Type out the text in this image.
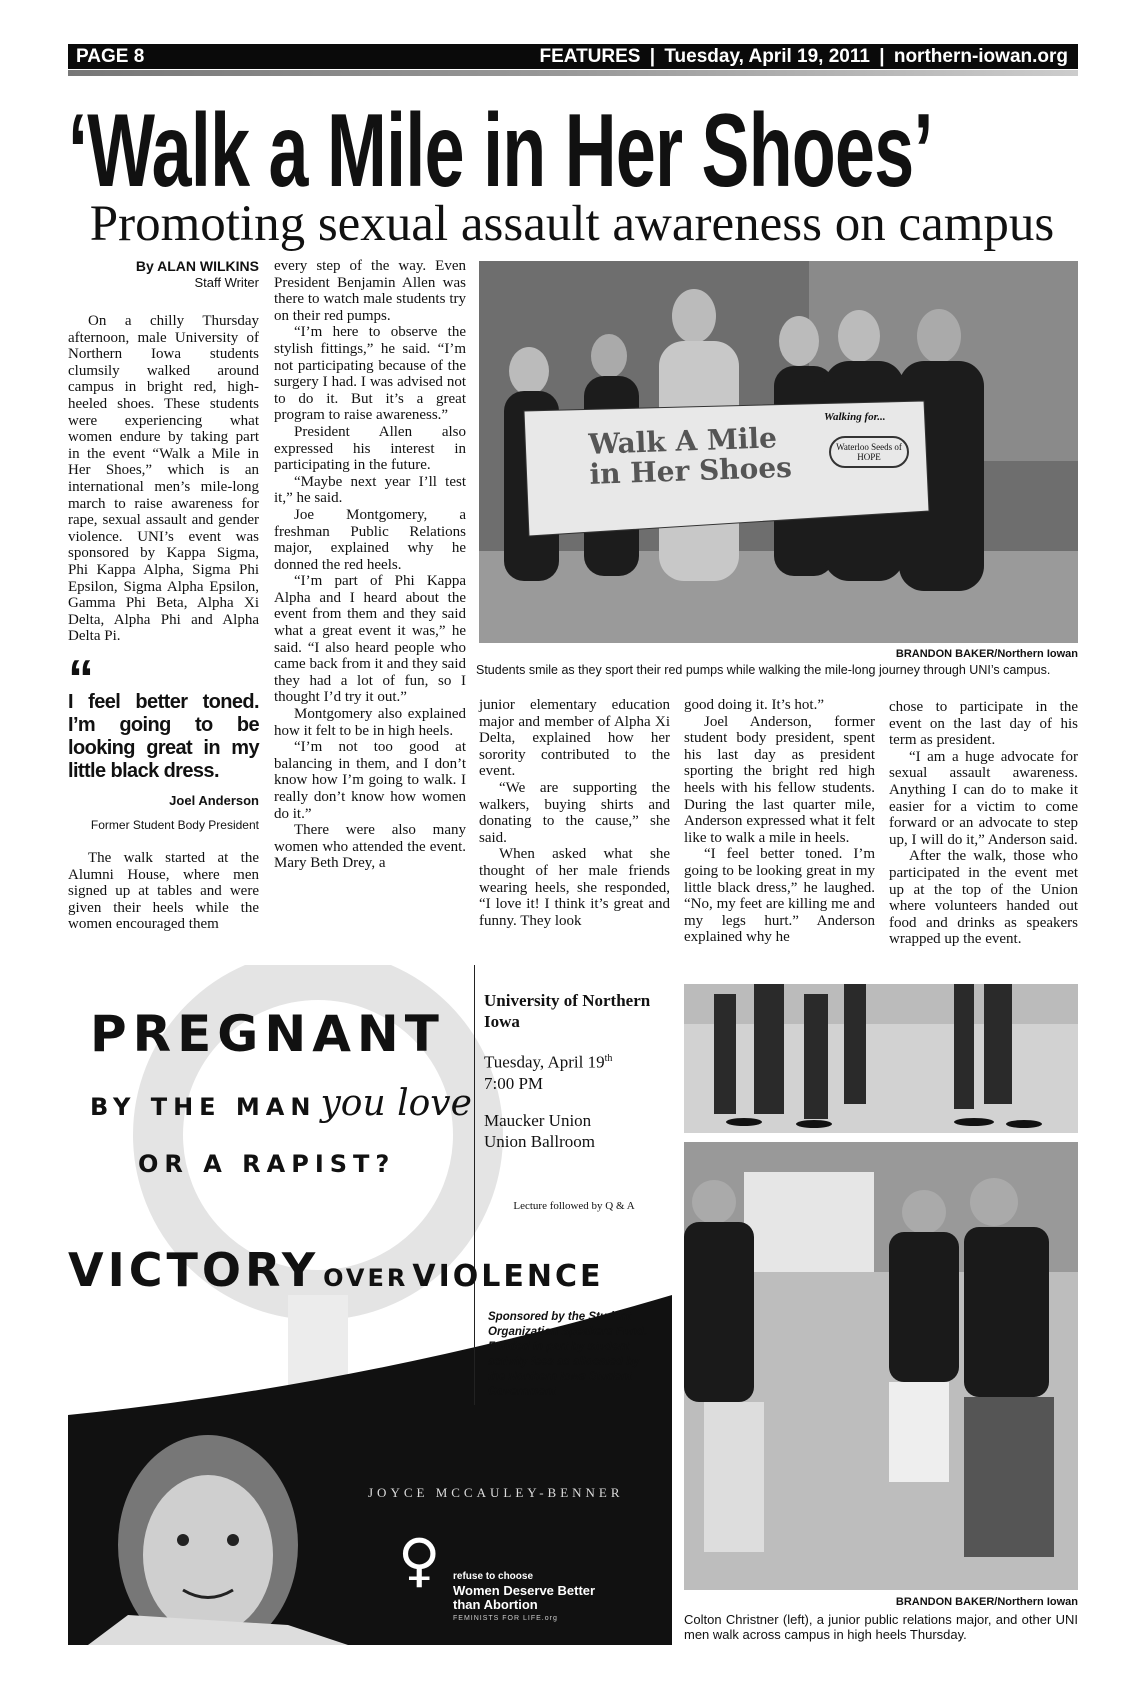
PAGE 8	FEATURES | Tuesday, April 19, 2011 | northern-iowan.org
‘Walk a Mile in Her Shoes’
Promoting sexual assault awareness on campus
By ALAN WILKINS
Staff Writer

On a chilly Thursday afternoon, male University of Northern Iowa students clumsily walked around campus in bright red, high-heeled shoes. These students were experiencing what women endure by taking part in the event “Walk a Mile in Her Shoes,” which is an international men’s mile-long march to raise awareness for rape, sexual assault and gender violence. UNI’s event was sponsored by Kappa Sigma, Phi Kappa Alpha, Sigma Phi Epsilon, Sigma Alpha Epsilon, Gamma Phi Beta, Alpha Xi Delta, Alpha Phi and Alpha Delta Pi.

“
I feel better toned. I’m going to be looking great in my little black dress.
Joel Anderson
Former Student Body President

The walk started at the Alumni House, where men signed up at tables and were given their heels while the women encouraged them

every step of the way. Even President Benjamin Allen was there to watch male students try on their red pumps.

“I’m here to observe the stylish fittings,” he said. “I’m not participating because of the surgery I had. I was advised not to do it. But it’s a great program to raise awareness.”

President Allen also expressed his interest in participating in the future.

“Maybe next year I’ll test it,” he said.

Joe Montgomery, a freshman Public Relations major, explained why he donned the red heels.

“I’m part of Phi Kappa Alpha and I heard about the event from them and they said what a great event it was,” he said. “I also heard people who came back from it and they said they had a lot of fun, so I thought I’d try it out.”

Montgomery also explained how it felt to be in high heels.

“I’m not too good at balancing in them, and I don’t know how I’m going to walk. I really don’t know how women do it.”

There were also many women who attended the event. Mary Beth Drey, a

Walk A Mile in Her Shoes
Walking for...
Waterloo Seeds of HOPE
BRANDON BAKER/Northern Iowan
Students smile as they sport their red pumps while walking the mile-long journey through UNI’s campus.

junior elementary education major and member of Alpha Xi Delta, explained how her sorority contributed to the event.

“We are supporting the walkers, buying shirts and donating to the cause,” she said.

When asked what she thought of her male friends wearing heels, she responded, “I love it! I think it’s great and funny. They look

good doing it. It’s hot.”

Joel Anderson, former student body president, spent his last day as president sporting the bright red high heels with his fellow students. During the last quarter mile, Anderson expressed what it felt like to walk a mile in heels.

“I feel better toned. I’m going to be looking great in my little black dress,” he laughed. “No, my feet are killing me and my legs hurt.” Anderson explained why he

chose to participate in the event on the last day of his term as president.

“I am a huge advocate for sexual assault awareness. Anything I can do to make it easier for a victim to come forward or an advocate to step up, I will do it,” Anderson said.

After the walk, those who participated in the event met up at the top of the Union where volunteers handed out food and drinks as speakers wrapped up the event.

PREGNANT
BY THE MAN you love
OR A RAPIST?
VICTORY OVER VIOLENCE
University of Northern Iowa
Tuesday, April 19th
7:00 PM
Maucker Union
Union Ballroom
Lecture followed by Q & A
Sponsored by the Student Organization Speakers Fund. Funded in part by student activity fees as allocated by the Northern Iowa Student Government
JOYCE MCCAULEY-BENNER
♀ refuse to choose
Women Deserve Better
than Abortion
FEMINISTS FOR LIFE.org
BRANDON BAKER/Northern Iowan
Colton Christner (left), a junior public relations major, and other UNI men walk across campus in high heels Thursday.
